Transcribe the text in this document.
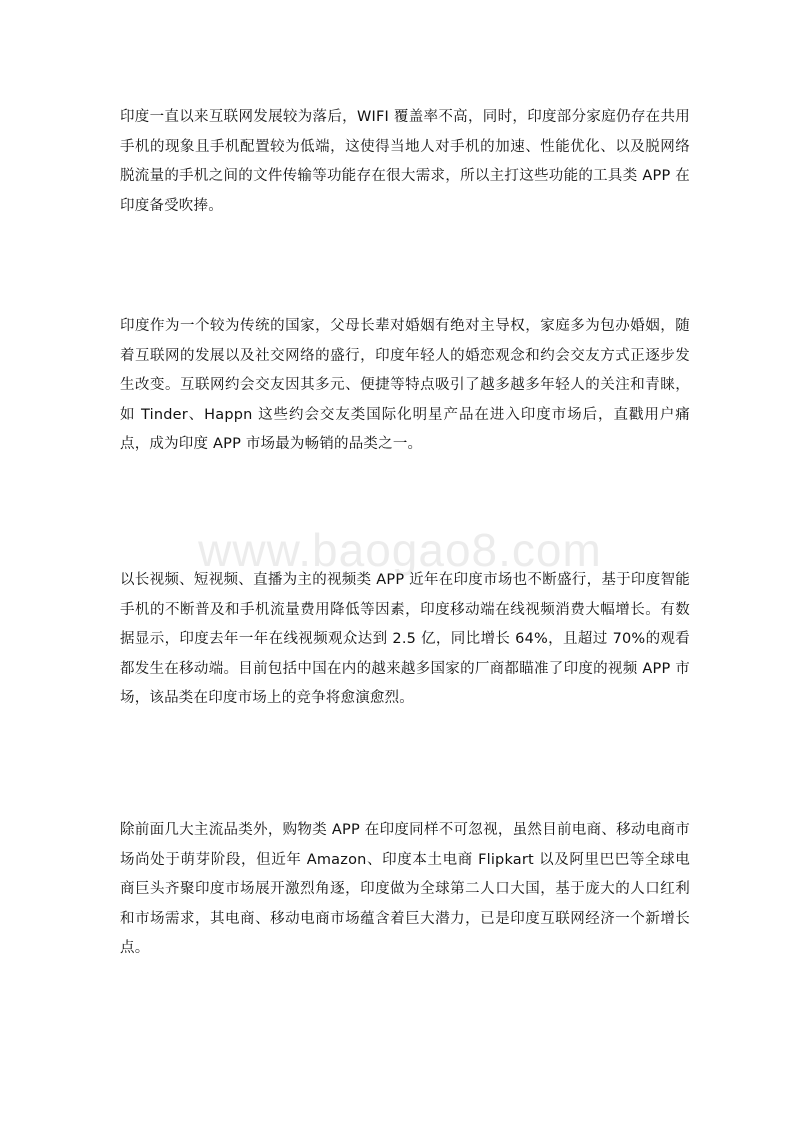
印度一直以来互联网发展较为落后，WIFI 覆盖率不高，同时，印度部分家庭仍存在共用手机的现象且手机配置较为低端，这使得当地人对手机的加速、性能优化、以及脱网络脱流量的手机之间的文件传输等功能存在很大需求，所以主打这些功能的工具类 APP 在印度备受吹捧。

印度作为一个较为传统的国家，父母长辈对婚姻有绝对主导权，家庭多为包办婚姻，随着互联网的发展以及社交网络的盛行，印度年轻人的婚恋观念和约会交友方式正逐步发生改变。互联网约会交友因其多元、便捷等特点吸引了越多越多年轻人的关注和青睐，如 Tinder、Happn 这些约会交友类国际化明星产品在进入印度市场后，直戳用户痛点，成为印度 APP 市场最为畅销的品类之一。

www.baogao8.com

以长视频、短视频、直播为主的视频类 APP 近年在印度市场也不断盛行，基于印度智能手机的不断普及和手机流量费用降低等因素，印度移动端在线视频消费大幅增长。有数据显示，印度去年一年在线视频观众达到 2.5 亿，同比增长 64%，且超过 70%的观看都发生在移动端。目前包括中国在内的越来越多国家的厂商都瞄准了印度的视频 APP 市场，该品类在印度市场上的竞争将愈演愈烈。

除前面几大主流品类外，购物类 APP 在印度同样不可忽视，虽然目前电商、移动电商市场尚处于萌芽阶段，但近年 Amazon、印度本土电商 Flipkart 以及阿里巴巴等全球电商巨头齐聚印度市场展开激烈角逐，印度做为全球第二人口大国，基于庞大的人口红利和市场需求，其电商、移动电商市场蕴含着巨大潜力，已是印度互联网经济一个新增长点。
